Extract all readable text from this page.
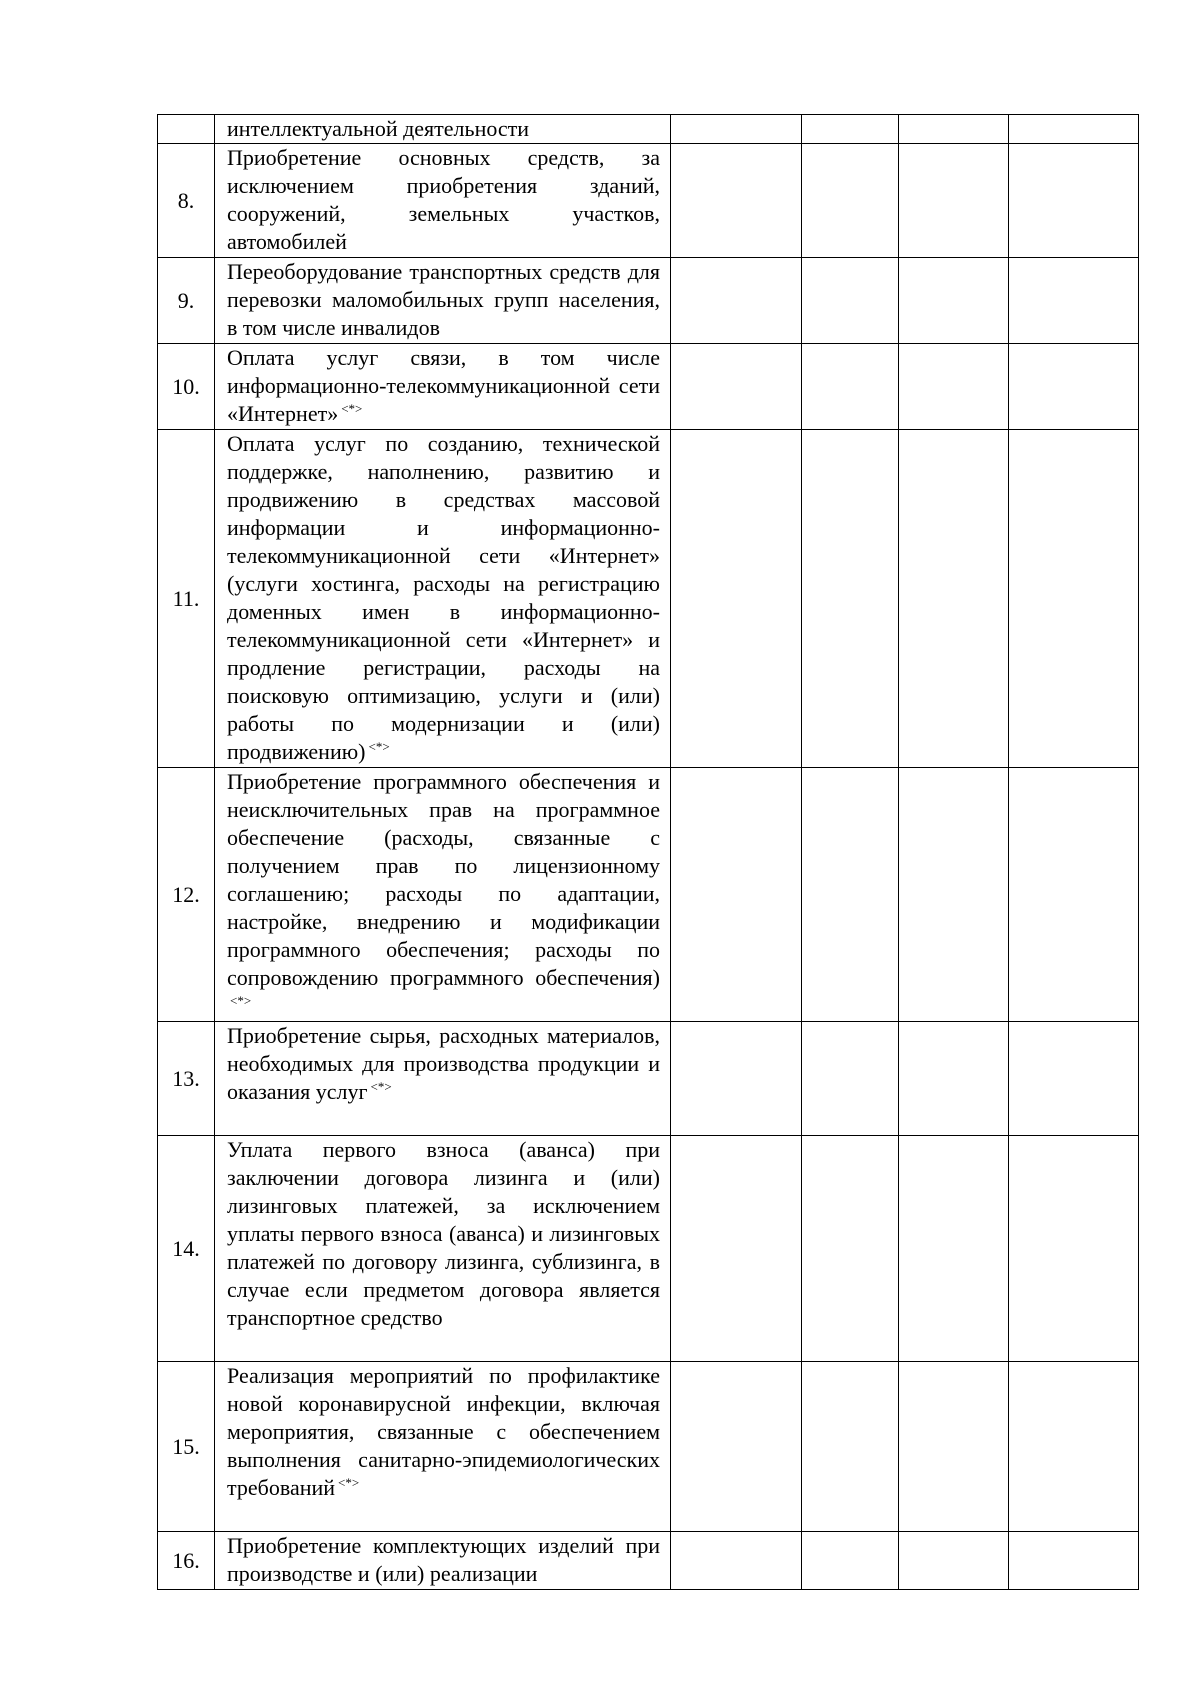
	интеллектуальной деятельности				

8.	Приобретение основных средств, за исключением приобретения зданий, сооружений, земельных участков, автомобилей				

9.	Переоборудование транспортных средств для перевозки маломобильных групп населения, в том числе инвалидов				

10.	Оплата услуг связи, в том числе информационно-телекоммуникационной сети «Интернет» <*>

11.	Оплата услуг по созданию, технической поддержке, наполнению, развитию и продвижению в средствах массовой информации и информационно-телекоммуникационной сети «Интернет» (услуги хостинга, расходы на регистрацию доменных имен в информационно-телекоммуникационной сети «Интернет» и продление регистрации, расходы на поисковую оптимизацию, услуги и (или) работы по модернизации и (или) продвижению) <*>

12.	Приобретение программного обеспечения и неисключительных прав на программное обеспечение (расходы, связанные с получением прав по лицензионному соглашению; расходы по адаптации, настройке, внедрению и модификации программного обеспечения; расходы по сопровождению программного обеспечения)<*>

13.	Приобретение сырья, расходных материалов, необходимых для производства продукции и оказания услуг <*>

14.	Уплата первого взноса (аванса) при заключении договора лизинга и (или) лизинговых платежей, за исключением уплаты первого взноса (аванса) и лизинговых платежей по договору лизинга, сублизинга, в случае если предметом договора является транспортное средство				

15.	Реализация мероприятий по профилактике новой коронавирусной инфекции, включая мероприятия, связанные с обеспечением выполнения санитарно-эпидемиологических требований <*>

16.	Приобретение комплектующих изделий при производстве и (или) реализации				
